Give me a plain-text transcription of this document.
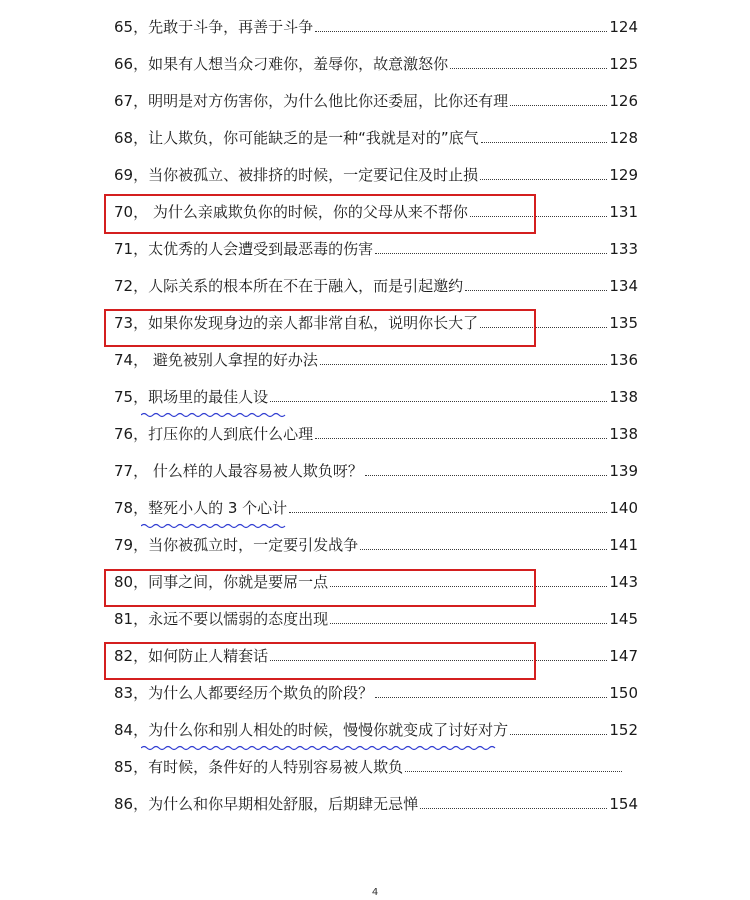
65，先敢于斗争，再善于斗争	124
66，如果有人想当众刁难你，羞辱你，故意激怒你	125
67，明明是对方伤害你，为什么他比你还委屈，比你还有理	126
68，让人欺负，你可能缺乏的是一种“我就是对的”底气	128
69，当你被孤立、被排挤的时候，一定要记住及时止损	129
70， 为什么亲戚欺负你的时候，你的父母从来不帮你	131
71，太优秀的人会遭受到最恶毒的伤害	133
72，人际关系的根本所在不在于融入，而是引起邀约	134
73，如果你发现身边的亲人都非常自私，说明你长大了	135
74， 避免被别人拿捏的好办法	136
75，职场里的最佳人设	138
76，打压你的人到底什么心理	138
77， 什么样的人最容易被人欺负呀？	139
78，整死小人的 3 个心计	140
79，当你被孤立时，一定要引发战争	141
80，同事之间，你就是要屌一点	143
81，永远不要以懦弱的态度出现	145
82，如何防止人精套话	147
83，为什么人都要经历个欺负的阶段？	150
84，为什么你和别人相处的时候，慢慢你就变成了讨好对方	152
85，有时候，条件好的人特别容易被人欺负
86，为什么和你早期相处舒服，后期肆无忌惮	154
4
